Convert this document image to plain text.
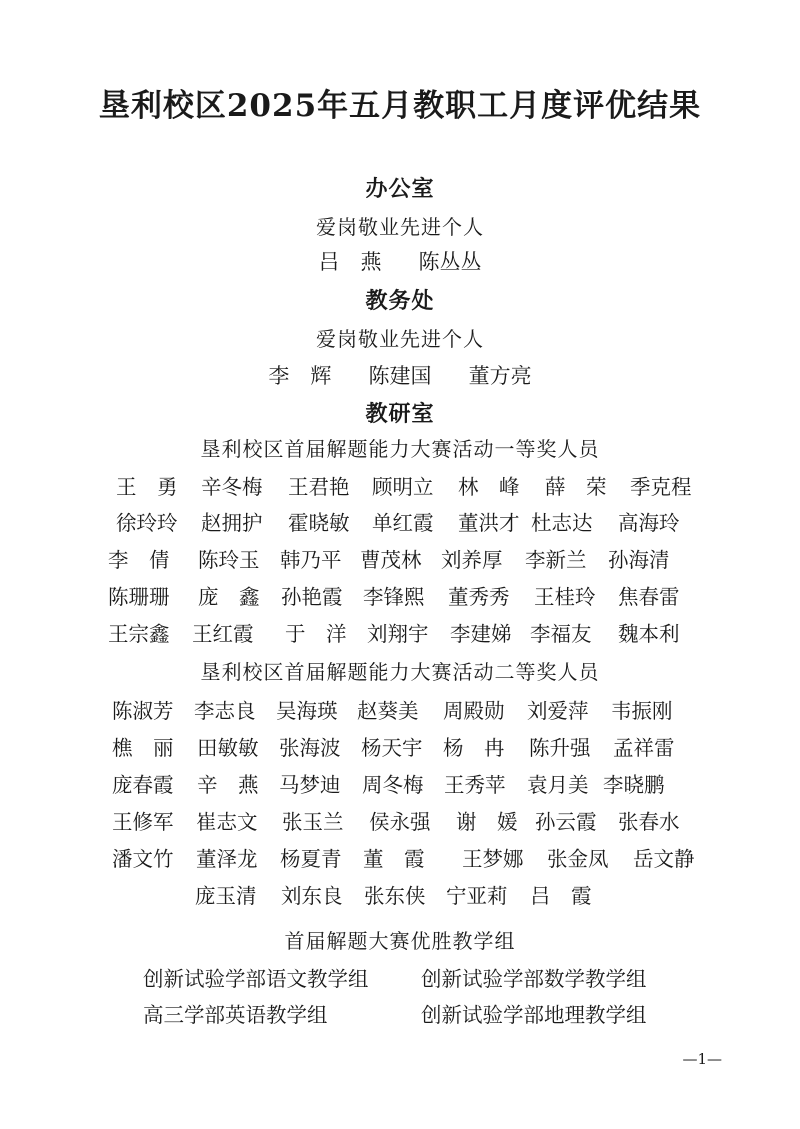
垦利校区2025年五月教职工月度评优结果
办公室
爱岗敬业先进个人
吕　燕 陈丛丛
教务处
爱岗敬业先进个人
李　辉 陈建国 董方亮
教研室
垦利校区首届解题能力大赛活动一等奖人员
王　勇 辛冬梅 王君艳 顾明立 林　峰 薛　荣 季克程
徐玲玲 赵拥护 霍晓敏 单红霞 董洪才 杜志达 高海玲
李　倩 陈玲玉 韩乃平 曹茂林 刘养厚 李新兰 孙海清
陈珊珊 庞　鑫 孙艳霞 李锋熙 董秀秀 王桂玲 焦春雷
王宗鑫 王红霞 于　洋 刘翔宇 李建娣 李福友 魏本利
垦利校区首届解题能力大赛活动二等奖人员
陈淑芳 李志良 吴海瑛 赵葵美 周殿勋 刘爱萍 韦振刚
樵　丽 田敏敏 张海波 杨天宇 杨　冉 陈升强 孟祥雷
庞春霞 辛　燕 马梦迪 周冬梅 王秀苹 袁月美 李晓鹏
王修军 崔志文 张玉兰 侯永强 谢　媛 孙云霞 张春水
潘文竹 董泽龙 杨夏青 董　霞 王梦娜 张金凤 岳文静
庞玉清 刘东良 张东侠 宁亚莉 吕　霞
首届解题大赛优胜教学组
创新试验学部语文教学组	创新试验学部数学教学组
高三学部英语教学组	创新试验学部地理教学组
—1—
